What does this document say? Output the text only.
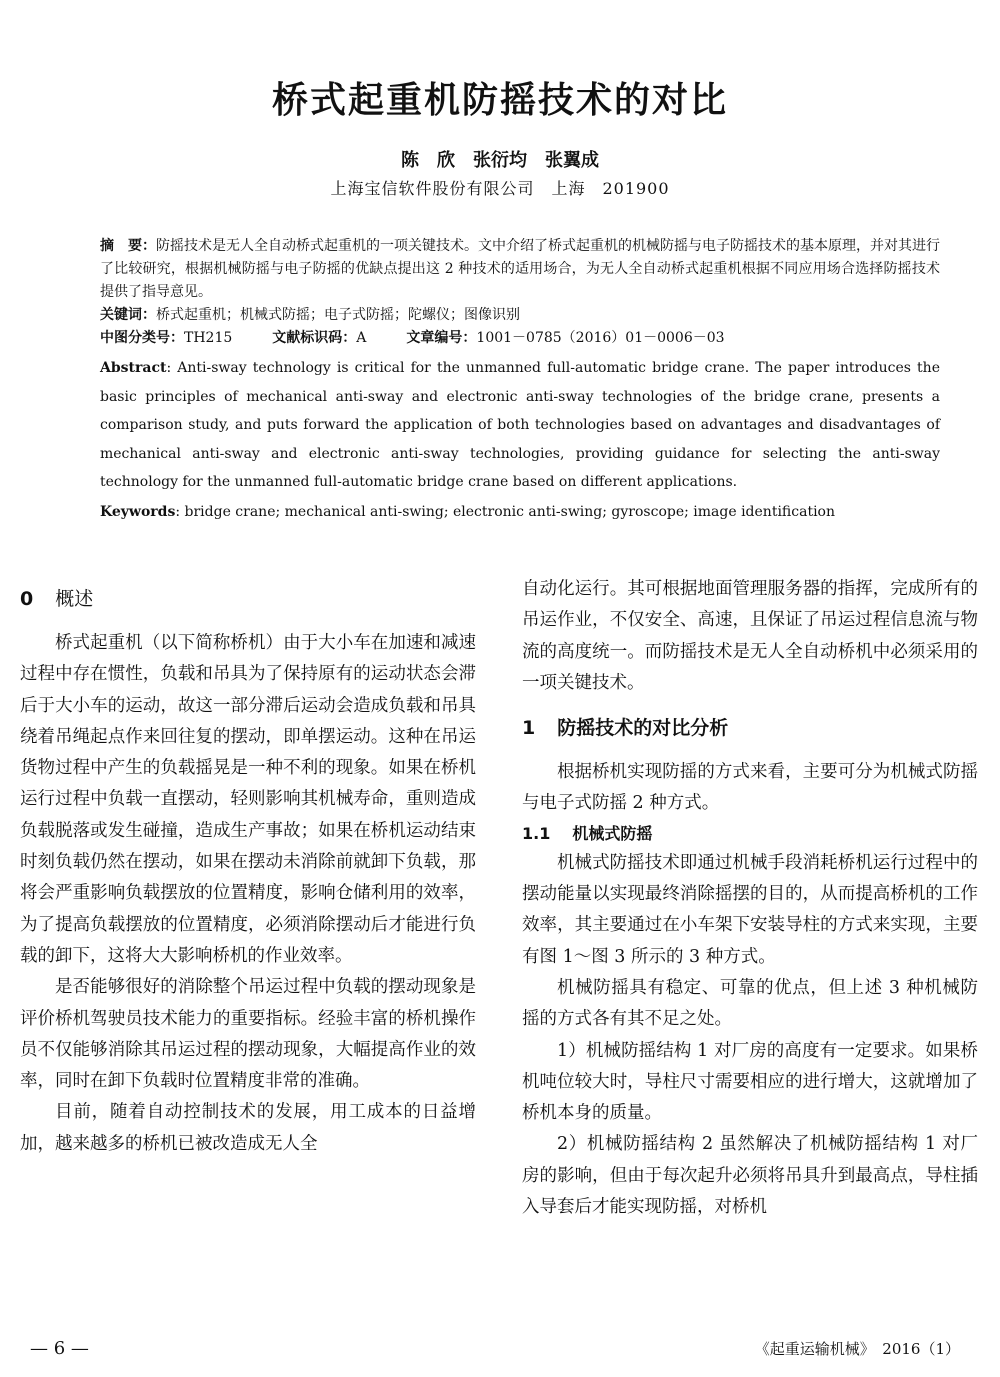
桥式起重机防摇技术的对比
陈　欣　张衍均　张翼成
上海宝信软件股份有限公司　上海　201900

摘　要：防摇技术是无人全自动桥式起重机的一项关键技术。文中介绍了桥式起重机的机械防摇与电子防摇技术的基本原理，并对其进行了比较研究，根据机械防摇与电子防摇的优缺点提出这 2 种技术的适用场合，为无人全自动桥式起重机根据不同应用场合选择防摇技术提供了指导意见。

关键词：桥式起重机；机械式防摇；电子式防摇；陀螺仪；图像识别

中图分类号：TH215	文献标识码：A	文章编号：1001－0785（2016）01－0006－03

Abstract: Anti-sway technology is critical for the unmanned full-automatic bridge crane. The paper introduces the basic principles of mechanical anti-sway and electronic anti-sway technologies of the bridge crane, presents a comparison study, and puts forward the application of both technologies based on advantages and disadvantages of mechanical anti-sway and electronic anti-sway technologies, providing guidance for selecting the anti-sway technology for the unmanned full-automatic bridge crane based on different applications.

Keywords: bridge crane; mechanical anti-swing; electronic anti-swing; gyroscope; image identification

0 概述

桥式起重机（以下简称桥机）由于大小车在加速和减速过程中存在惯性，负载和吊具为了保持原有的运动状态会滞后于大小车的运动，故这一部分滞后运动会造成负载和吊具绕着吊绳起点作来回往复的摆动，即单摆运动。这种在吊运货物过程中产生的负载摇晃是一种不利的现象。如果在桥机运行过程中负载一直摆动，轻则影响其机械寿命，重则造成负载脱落或发生碰撞，造成生产事故；如果在桥机运动结束时刻负载仍然在摆动，如果在摆动未消除前就卸下负载，那将会严重影响负载摆放的位置精度，影响仓储利用的效率，为了提高负载摆放的位置精度，必须消除摆动后才能进行负载的卸下，这将大大影响桥机的作业效率。

是否能够很好的消除整个吊运过程中负载的摆动现象是评价桥机驾驶员技术能力的重要指标。经验丰富的桥机操作员不仅能够消除其吊运过程的摆动现象，大幅提高作业的效率，同时在卸下负载时位置精度非常的准确。

目前，随着自动控制技术的发展，用工成本的日益增加，越来越多的桥机已被改造成无人全

自动化运行。其可根据地面管理服务器的指挥，完成所有的吊运作业，不仅安全、高速，且保证了吊运过程信息流与物流的高度统一。而防摇技术是无人全自动桥机中必须采用的一项关键技术。

1 防摇技术的对比分析

根据桥机实现防摇的方式来看，主要可分为机械式防摇与电子式防摇 2 种方式。

1.1 机械式防摇

机械式防摇技术即通过机械手段消耗桥机运行过程中的摆动能量以实现最终消除摇摆的目的，从而提高桥机的工作效率，其主要通过在小车架下安装导柱的方式来实现，主要有图 1～图 3 所示的 3 种方式。

机械防摇具有稳定、可靠的优点，但上述 3 种机械防摇的方式各有其不足之处。

1）机械防摇结构 1 对厂房的高度有一定要求。如果桥机吨位较大时，导柱尺寸需要相应的进行增大，这就增加了桥机本身的质量。

2）机械防摇结构 2 虽然解决了机械防摇结构 1 对厂房的影响，但由于每次起升必须将吊具升到最高点，导柱插入导套后才能实现防摇，对桥机

— 6 —	《起重运输机械》　2016（1）
